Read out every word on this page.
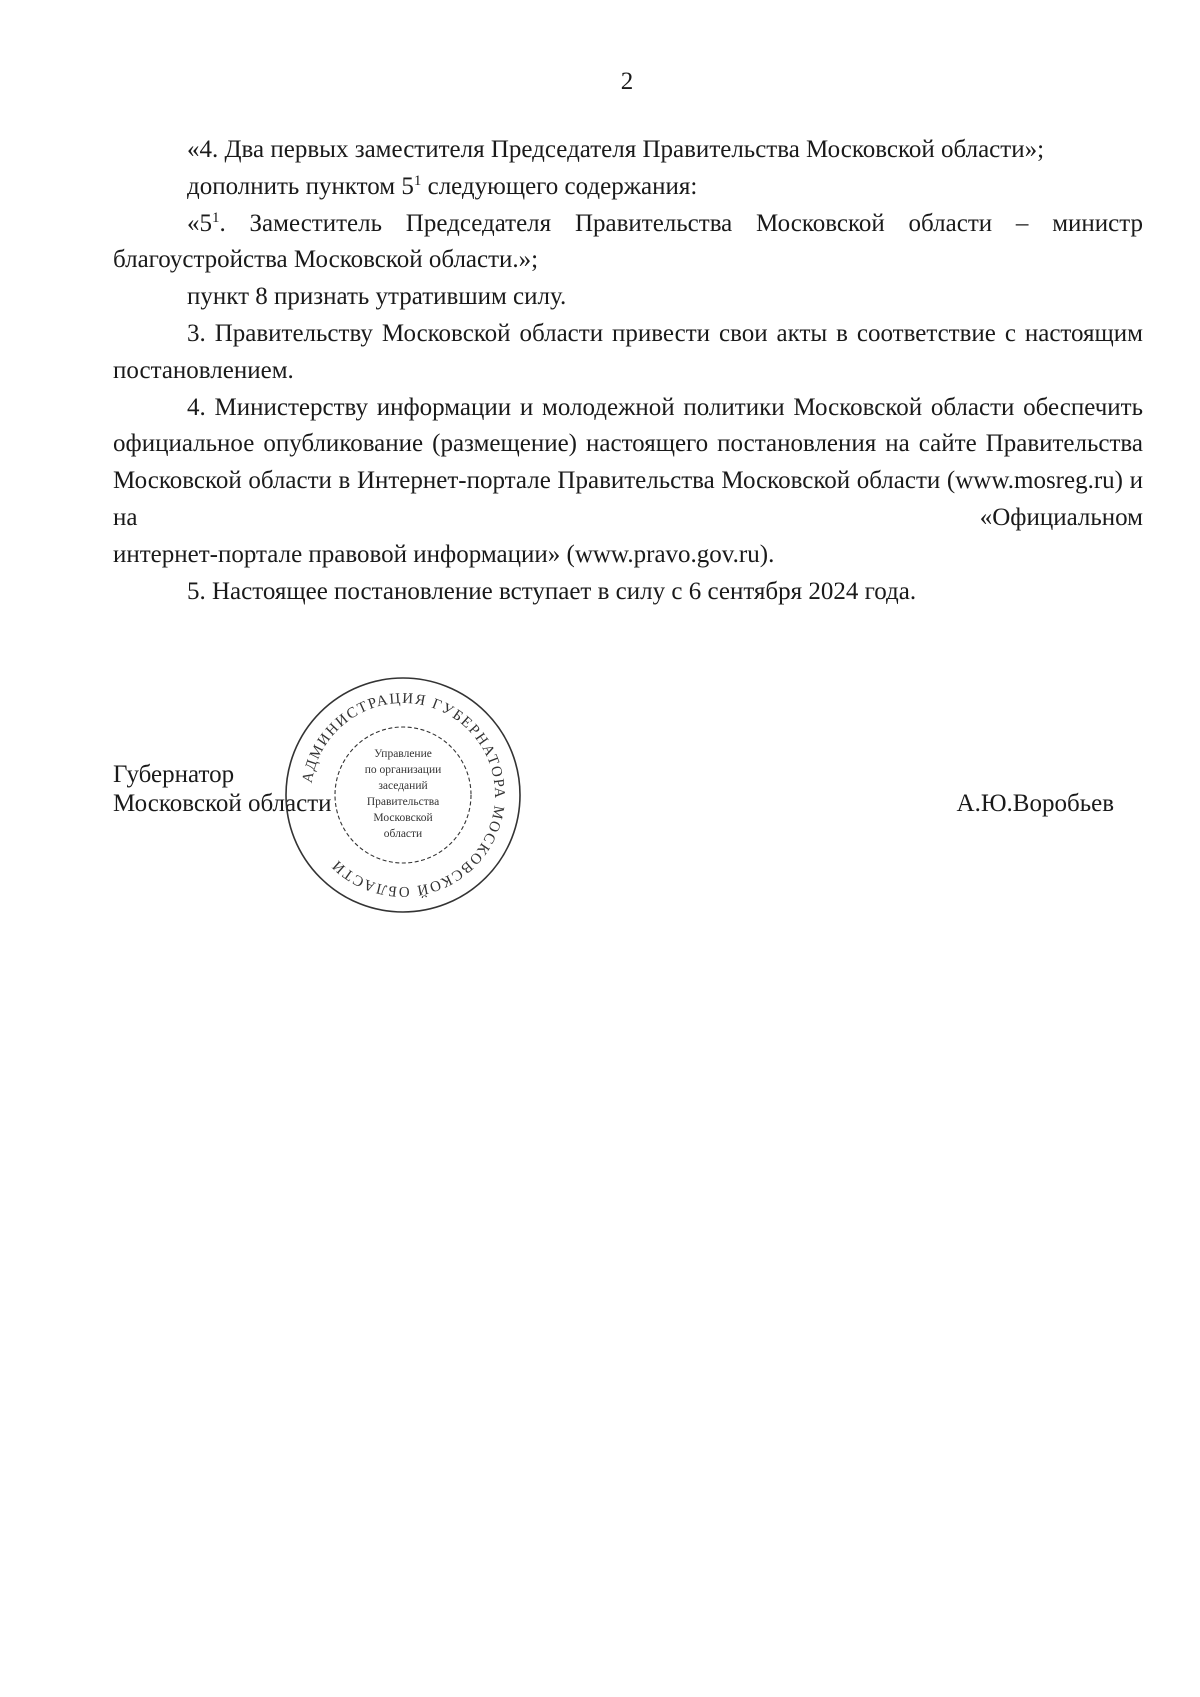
2

«4. Два первых заместителя Председателя Правительства Московской области»;

дополнить пунктом $5^1$ следующего содержания:

«$5^1$. Заместитель Председателя Правительства Московской области – министр благоустройства Московской области.»;

пункт 8 признать утратившим силу.

3. Правительству Московской области привести свои акты в соответствие с настоящим постановлением.

4. Министерству информации и молодежной политики Московской области обеспечить официальное опубликование (размещение) настоящего постановления на сайте Правительства Московской области в Интернет-портале Правительства Московской области (www.mosreg.ru) и на «Официальном

интернет-портале правовой информации» (www.pravo.gov.ru).

5. Настоящее постановление вступает в силу с 6 сентября 2024 года.

Губернатор
Московской области	А.Ю.Воробьев
АДМИНИСТРАЦИЯ ГУБЕРНАТОРА МОСКОВСКОЙ ОБЛАСТИ
Управление
по организации
заседаний
Правительства
Московской
области
